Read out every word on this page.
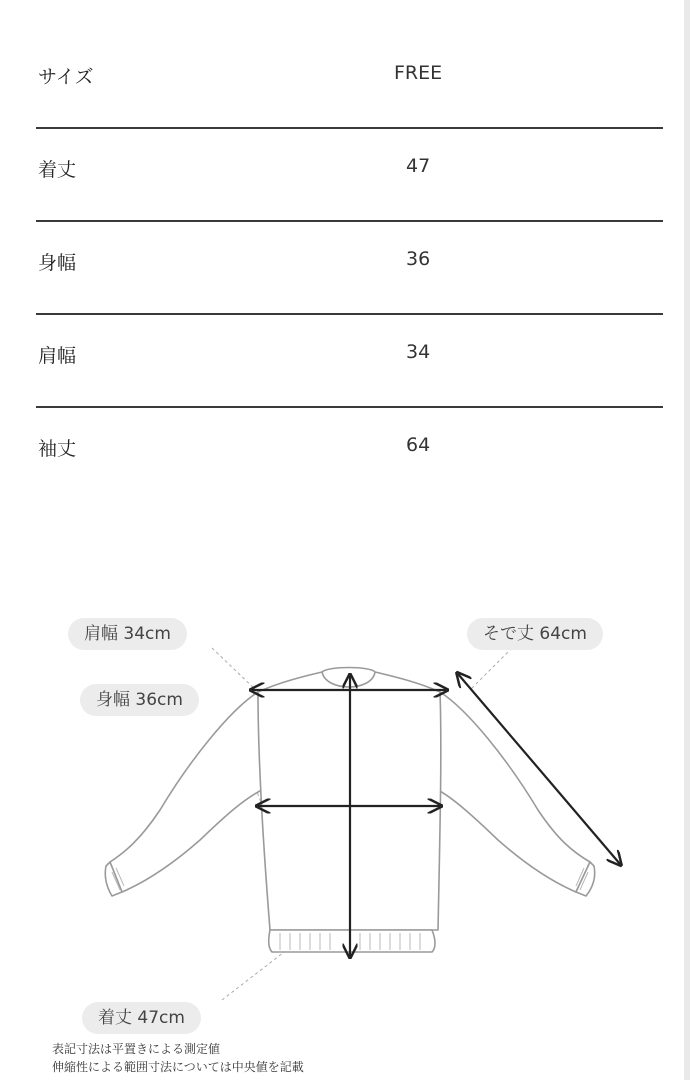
サイズ	FREE
着丈	47
身幅	36
肩幅	34
袖丈	64
肩幅 34cm
身幅 36cm
そで丈 64cm
着丈 47cm
表記寸法は平置きによる測定値
伸縮性による範囲寸法については中央値を記載
